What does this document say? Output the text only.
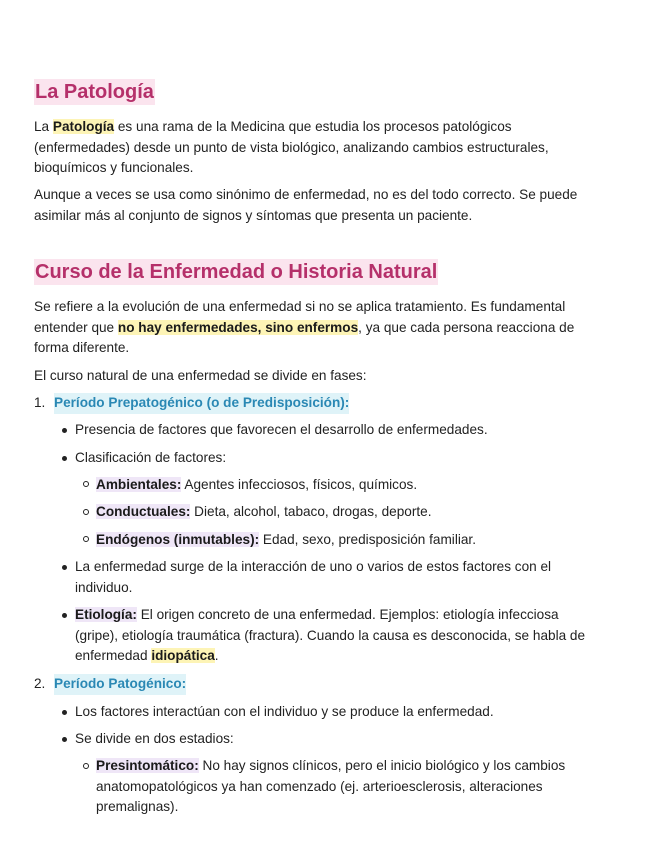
La Patología

La Patología es una rama de la Medicina que estudia los procesos patológicos
(enfermedades) desde un punto de vista biológico, analizando cambios estructurales,
bioquímicos y funcionales.

Aunque a veces se usa como sinónimo de enfermedad, no es del todo correcto. Se puede
asimilar más al conjunto de signos y síntomas que presenta un paciente.

Curso de la Enfermedad o Historia Natural

Se refiere a la evolución de una enfermedad si no se aplica tratamiento. Es fundamental
entender que no hay enfermedades, sino enfermos, ya que cada persona reacciona de
forma diferente.

El curso natural de una enfermedad se divide en fases:

1. Período Prepatogénico (o de Predisposición):
Presencia de factores que favorecen el desarrollo de enfermedades.
Clasificación de factores:
Ambientales: Agentes infecciosos, físicos, químicos.
Conductuales: Dieta, alcohol, tabaco, drogas, deporte.
Endógenos (inmutables): Edad, sexo, predisposición familiar.
La enfermedad surge de la interacción de uno o varios de estos factores con el
individuo.
Etiología: El origen concreto de una enfermedad. Ejemplos: etiología infecciosa
(gripe), etiología traumática (fractura). Cuando la causa es desconocida, se habla de
enfermedad idiopática.
2. Período Patogénico:
Los factores interactúan con el individuo y se produce la enfermedad.
Se divide en dos estadios:
Presintomático: No hay signos clínicos, pero el inicio biológico y los cambios
anatomopatológicos ya han comenzado (ej. arterioesclerosis, alteraciones
premalignas).
